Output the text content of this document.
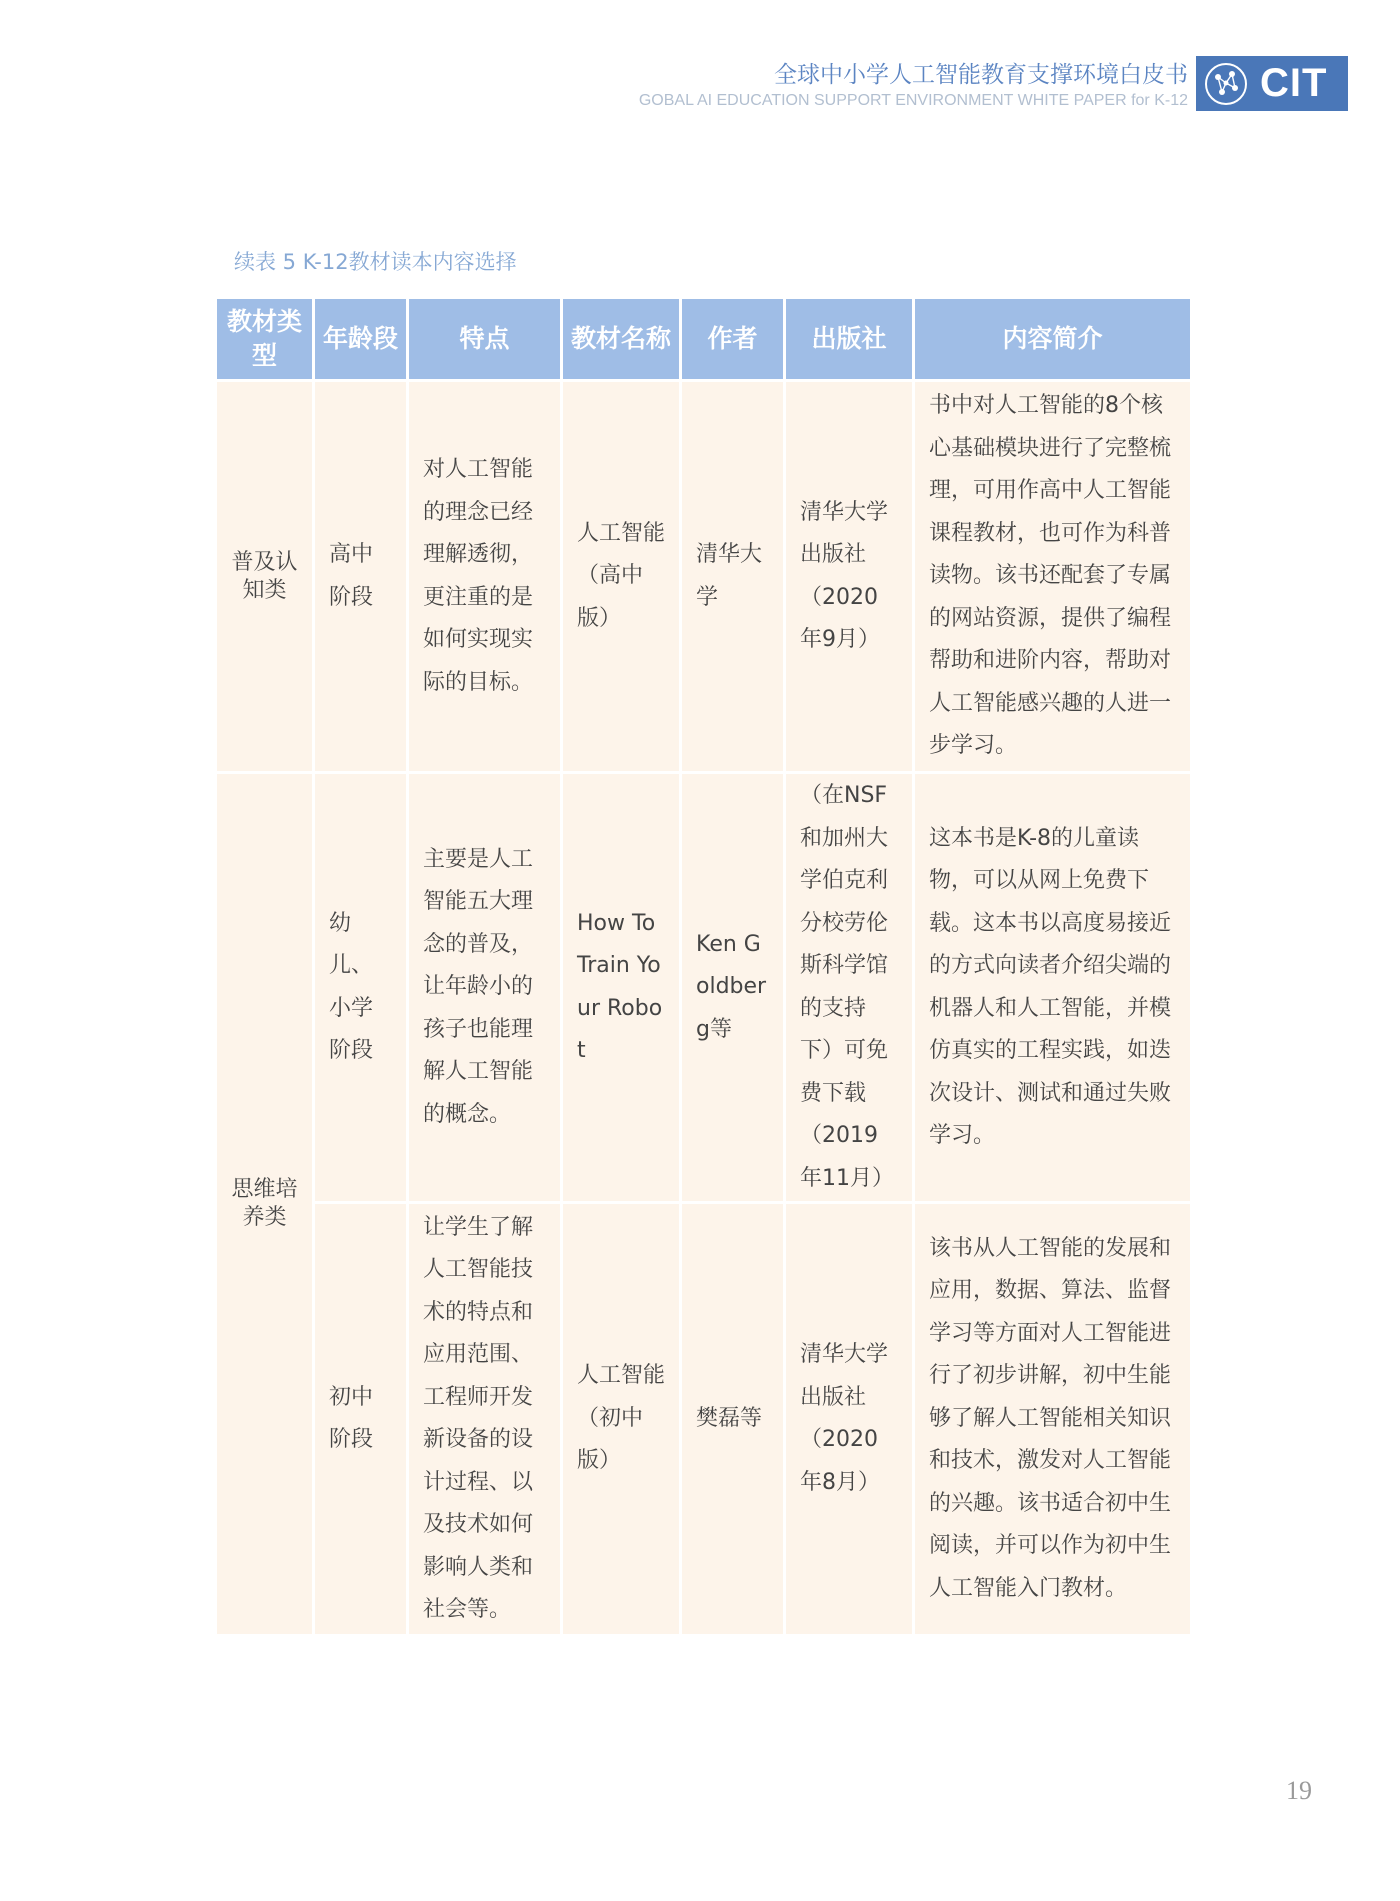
全球中小学人工智能教育支撑环境白皮书
GOBAL AI EDUCATION SUPPORT ENVIRONMENT WHITE PAPER for K-12 CIT
续表 5 K-12教材读本内容选择
教材类型	年龄段	特点	教材名称	作者	出版社	内容简介
普及认知类	高中阶段	对人工智能的理念已经理解透彻，更注重的是如何实现实际的目标。	人工智能（高中版）	清华大学	清华大学出版社（2020年9月）	书中对人工智能的8个核心基础模块进行了完整梳理，可用作高中人工智能课程教材，也可作为科普读物。该书还配套了专属的网站资源，提供了编程帮助和进阶内容，帮助对人工智能感兴趣的人进一步学习。
思维培养类	幼儿、小学阶段	主要是人工智能五大理念的普及，让年龄小的孩子也能理解人工智能的概念。	How To Train Your Robot	Ken Goldberg等	（在NSF和加州大学伯克利分校劳伦斯科学馆的支持下）可免费下载（2019年11月）	这本书是K-8的儿童读物，可以从网上免费下载。这本书以高度易接近的方式向读者介绍尖端的机器人和人工智能，并模仿真实的工程实践，如迭次设计、测试和通过失败学习。
	初中阶段	让学生了解人工智能技术的特点和应用范围、工程师开发新设备的设计过程、以及技术如何影响人类和社会等。	人工智能（初中版）	樊磊等	清华大学出版社（2020年8月）	该书从人工智能的发展和应用，数据、算法、监督学习等方面对人工智能进行了初步讲解，初中生能够了解人工智能相关知识和技术，激发对人工智能的兴趣。该书适合初中生阅读，并可以作为初中生人工智能入门教材。
19
